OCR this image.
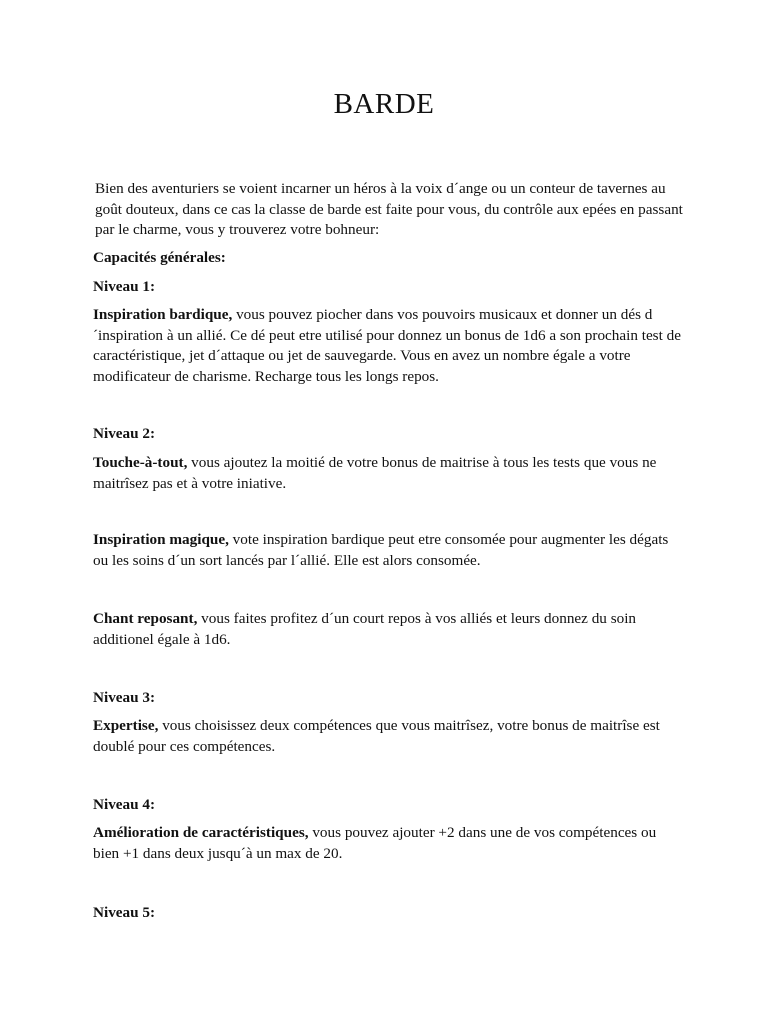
BARDE

Bien des aventuriers se voient incarner un héros à la voix d´ange ou un conteur de tavernes au goût douteux, dans ce cas la classe de barde est faite pour vous, du contrôle aux epées en passant par le charme, vous y trouverez votre bohneur:

Capacités générales:

Niveau 1:

Inspiration bardique, vous pouvez piocher dans vos pouvoirs musicaux et donner un dés d´inspiration à un allié. Ce dé peut etre utilisé pour donnez un bonus de 1d6 a son prochain test de caractéristique, jet d´attaque ou jet de sauvegarde. Vous en avez un nombre égale a votre modificateur de charisme. Recharge tous les longs repos.

Niveau 2:

Touche-à-tout, vous ajoutez la moitié de votre bonus de maitrise à tous les tests que vous ne maitrîsez pas et à votre iniative.

Inspiration magique, vote inspiration bardique peut etre consomée pour augmenter les dégats ou les soins d´un sort lancés par l´allié. Elle est alors consomée.

Chant reposant, vous faites profitez d´un court repos à vos alliés et leurs donnez du soin additionel égale à 1d6.

Niveau 3:

Expertise, vous choisissez deux compétences que vous maitrîsez, votre bonus de maitrîse est doublé pour ces compétences.

Niveau 4:

Amélioration de caractéristiques, vous pouvez ajouter +2 dans une de vos compétences ou bien +1 dans deux jusqu´à un max de 20.

Niveau 5:
